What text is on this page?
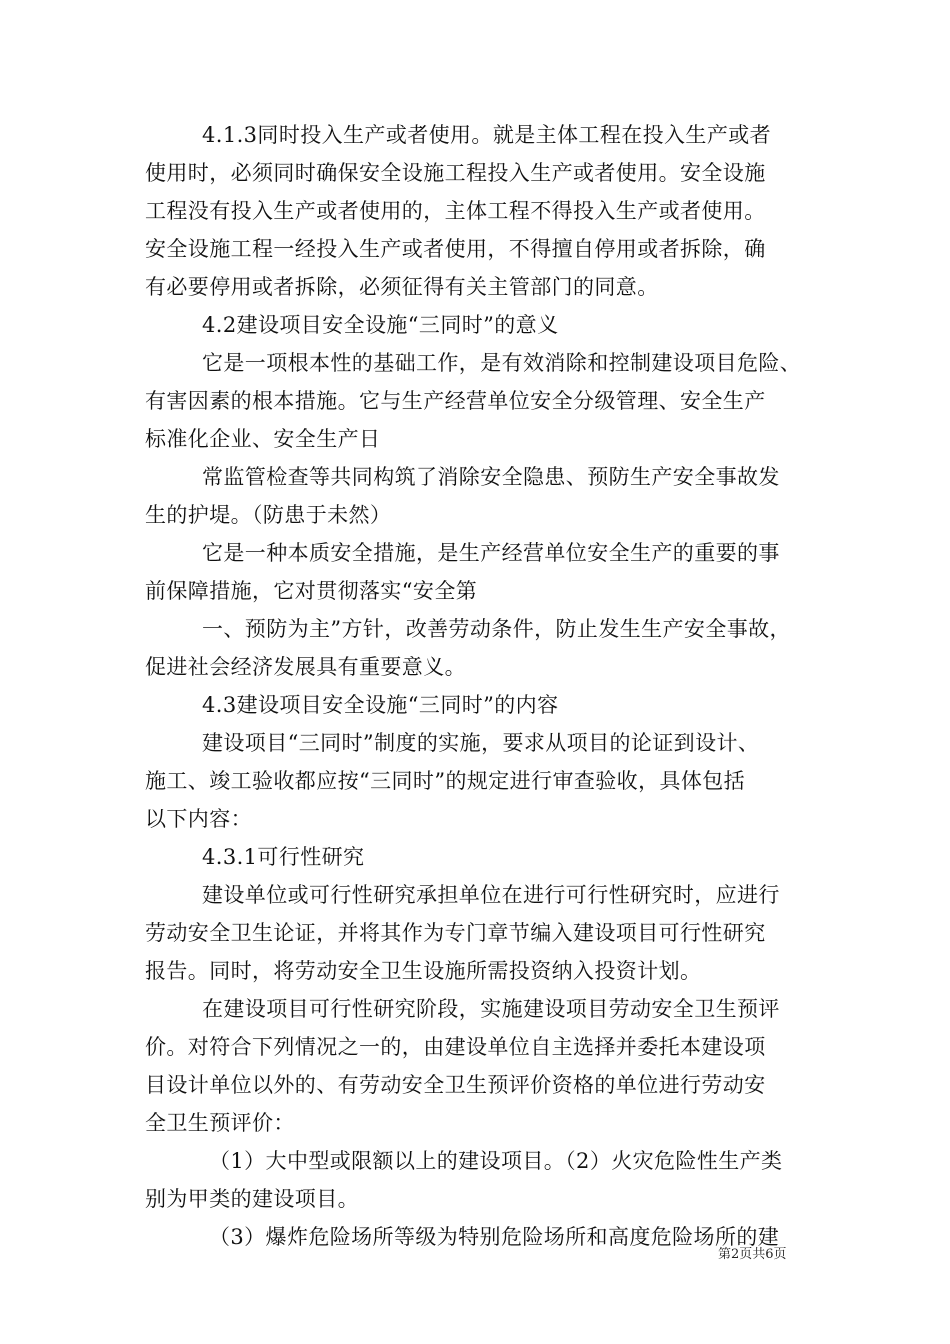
4.1.3同时投入生产或者使用。就是主体工程在投入生产或者
使用时，必须同时确保安全设施工程投入生产或者使用。安全设施
工程没有投入生产或者使用的，主体工程不得投入生产或者使用。
安全设施工程一经投入生产或者使用，不得擅自停用或者拆除，确
有必要停用或者拆除，必须征得有关主管部门的同意。
4.2建设项目安全设施“三同时”的意义
它是一项根本性的基础工作，是有效消除和控制建设项目危险、
有害因素的根本措施。它与生产经营单位安全分级管理、安全生产
标准化企业、安全生产日
常监管检查等共同构筑了消除安全隐患、预防生产安全事故发
生的护堤。（防患于未然）
它是一种本质安全措施，是生产经营单位安全生产的重要的事
前保障措施，它对贯彻落实“安全第
一、预防为主”方针，改善劳动条件，防止发生生产安全事故，
促进社会经济发展具有重要意义。
4.3建设项目安全设施“三同时”的内容
建设项目“三同时”制度的实施，要求从项目的论证到设计、
施工、竣工验收都应按“三同时”的规定进行审查验收，具体包括
以下内容：
4.3.1可行性研究
建设单位或可行性研究承担单位在进行可行性研究时，应进行
劳动安全卫生论证，并将其作为专门章节编入建设项目可行性研究
报告。同时，将劳动安全卫生设施所需投资纳入投资计划。
在建设项目可行性研究阶段，实施建设项目劳动安全卫生预评
价。对符合下列情况之一的，由建设单位自主选择并委托本建设项
目设计单位以外的、有劳动安全卫生预评价资格的单位进行劳动安
全卫生预评价：
（1）大中型或限额以上的建设项目。（2）火灾危险性生产类
别为甲类的建设项目。
（3）爆炸危险场所等级为特别危险场所和高度危险场所的建
第2页共6页
